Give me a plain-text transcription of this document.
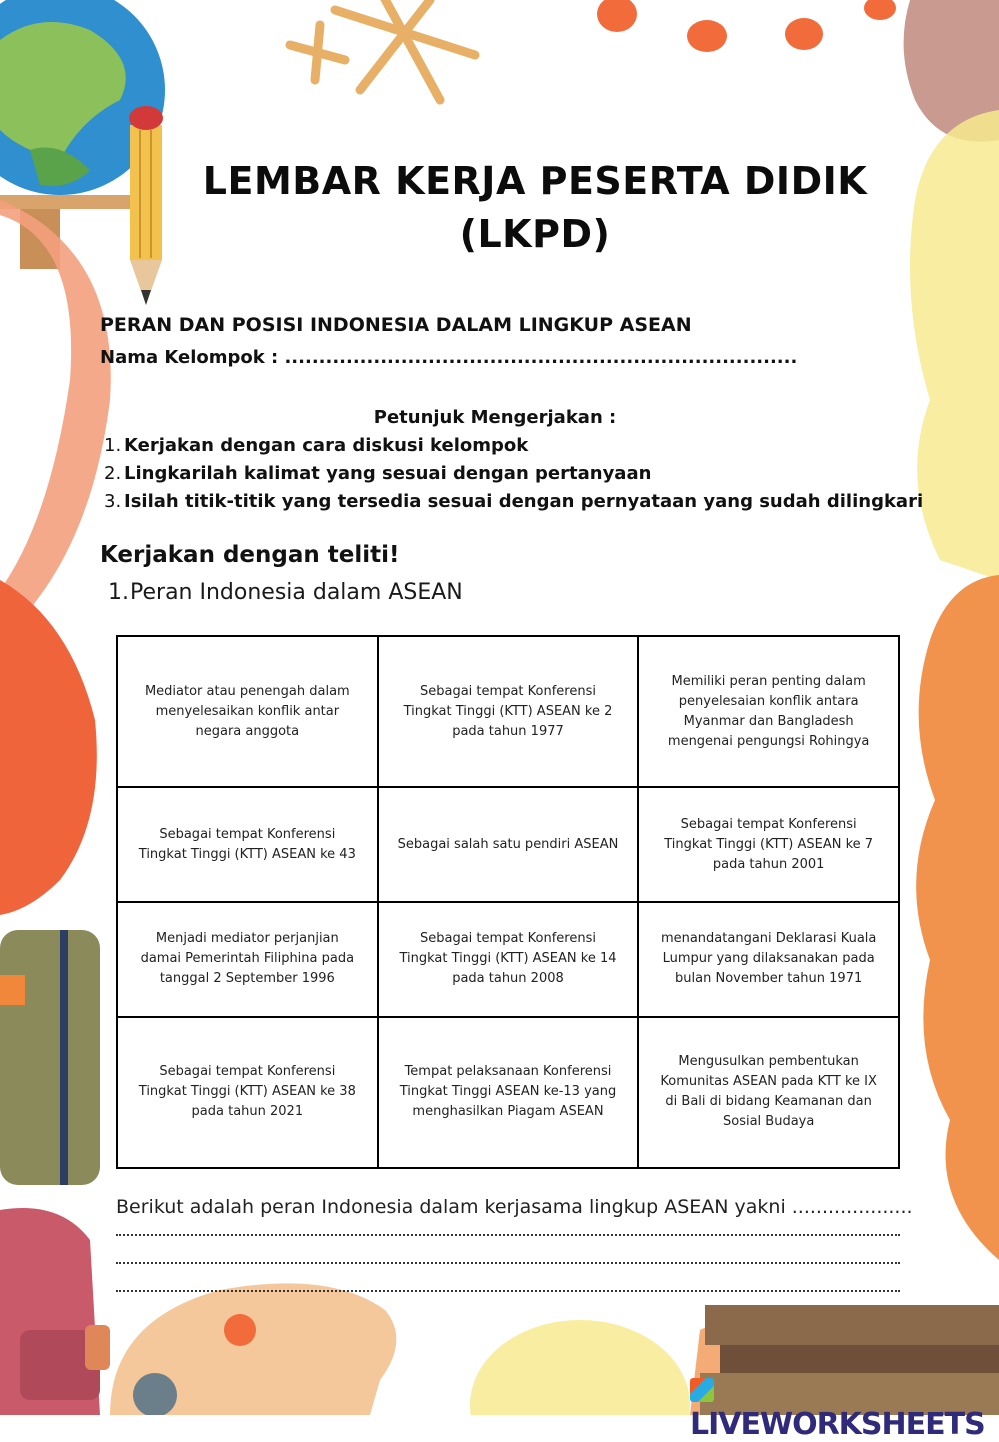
LEMBAR KERJA PESERTA DIDIK
(LKPD)
PERAN DAN POSISI INDONESIA DALAM LINGKUP ASEAN
Nama Kelompok : ...........................................................................
Petunjuk Mengerjakan :
1. Kerjakan dengan cara diskusi kelompok
2. Lingkarilah kalimat yang sesuai dengan pertanyaan
3. Isilah titik-titik yang tersedia sesuai dengan pernyataan yang sudah dilingkari
Kerjakan dengan teliti!
1.Peran Indonesia dalam ASEAN
Mediator atau penengah dalam menyelesaikan konflik antar negara anggota	Sebagai tempat Konferensi Tingkat Tinggi (KTT) ASEAN ke 2 pada tahun 1977	Memiliki peran penting dalam penyelesaian konflik antara Myanmar dan Bangladesh mengenai pengungsi Rohingya
Sebagai tempat Konferensi Tingkat Tinggi (KTT) ASEAN ke 43	Sebagai salah satu pendiri ASEAN	Sebagai tempat Konferensi Tingkat Tinggi (KTT) ASEAN ke 7 pada tahun 2001
Menjadi mediator perjanjian damai Pemerintah Filiphina pada tanggal 2 September 1996	Sebagai tempat Konferensi Tingkat Tinggi (KTT) ASEAN ke 14 pada tahun 2008	menandatangani Deklarasi Kuala Lumpur yang dilaksanakan pada bulan November tahun 1971
Sebagai tempat Konferensi Tingkat Tinggi (KTT) ASEAN ke 38 pada tahun 2021	Tempat pelaksanaan Konferensi Tingkat Tinggi ASEAN ke-13 yang menghasilkan Piagam ASEAN	Mengusulkan pembentukan Komunitas ASEAN pada KTT ke IX di Bali di bidang Keamanan dan Sosial Budaya
Berikut adalah peran Indonesia dalam kerjasama lingkup ASEAN yakni ....................
LIVEWORKSHEETS
